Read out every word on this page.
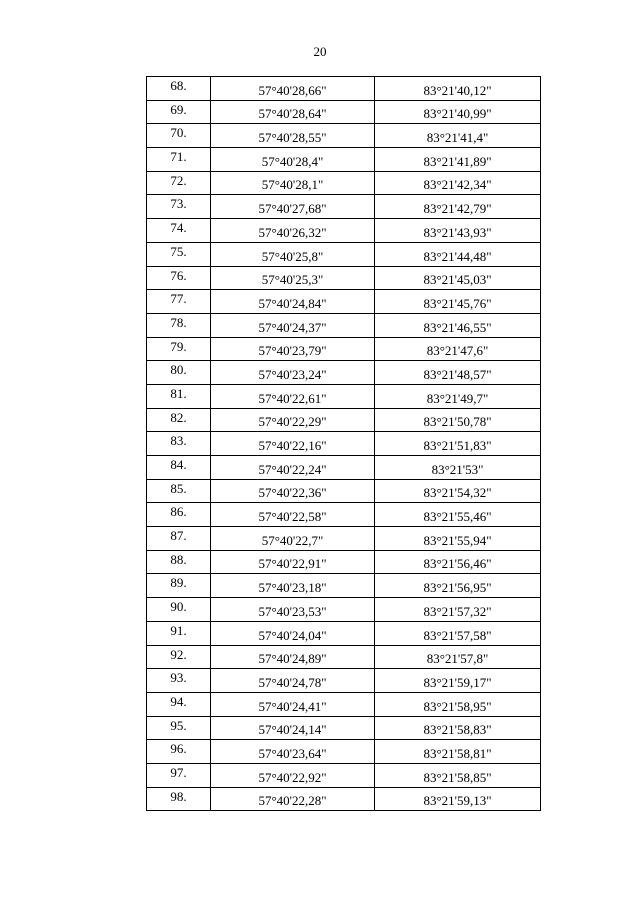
20
68.	57°40'28,66"	83°21'40,12"
69.	57°40'28,64"	83°21'40,99"
70.	57°40'28,55"	83°21'41,4"
71.	57°40'28,4"	83°21'41,89"
72.	57°40'28,1"	83°21'42,34"
73.	57°40'27,68"	83°21'42,79"
74.	57°40'26,32"	83°21'43,93"
75.	57°40'25,8"	83°21'44,48"
76.	57°40'25,3"	83°21'45,03"
77.	57°40'24,84"	83°21'45,76"
78.	57°40'24,37"	83°21'46,55"
79.	57°40'23,79"	83°21'47,6"
80.	57°40'23,24"	83°21'48,57"
81.	57°40'22,61"	83°21'49,7"
82.	57°40'22,29"	83°21'50,78"
83.	57°40'22,16"	83°21'51,83"
84.	57°40'22,24"	83°21'53"
85.	57°40'22,36"	83°21'54,32"
86.	57°40'22,58"	83°21'55,46"
87.	57°40'22,7"	83°21'55,94"
88.	57°40'22,91"	83°21'56,46"
89.	57°40'23,18"	83°21'56,95"
90.	57°40'23,53"	83°21'57,32"
91.	57°40'24,04"	83°21'57,58"
92.	57°40'24,89"	83°21'57,8"
93.	57°40'24,78"	83°21'59,17"
94.	57°40'24,41"	83°21'58,95"
95.	57°40'24,14"	83°21'58,83"
96.	57°40'23,64"	83°21'58,81"
97.	57°40'22,92"	83°21'58,85"
98.	57°40'22,28"	83°21'59,13"
